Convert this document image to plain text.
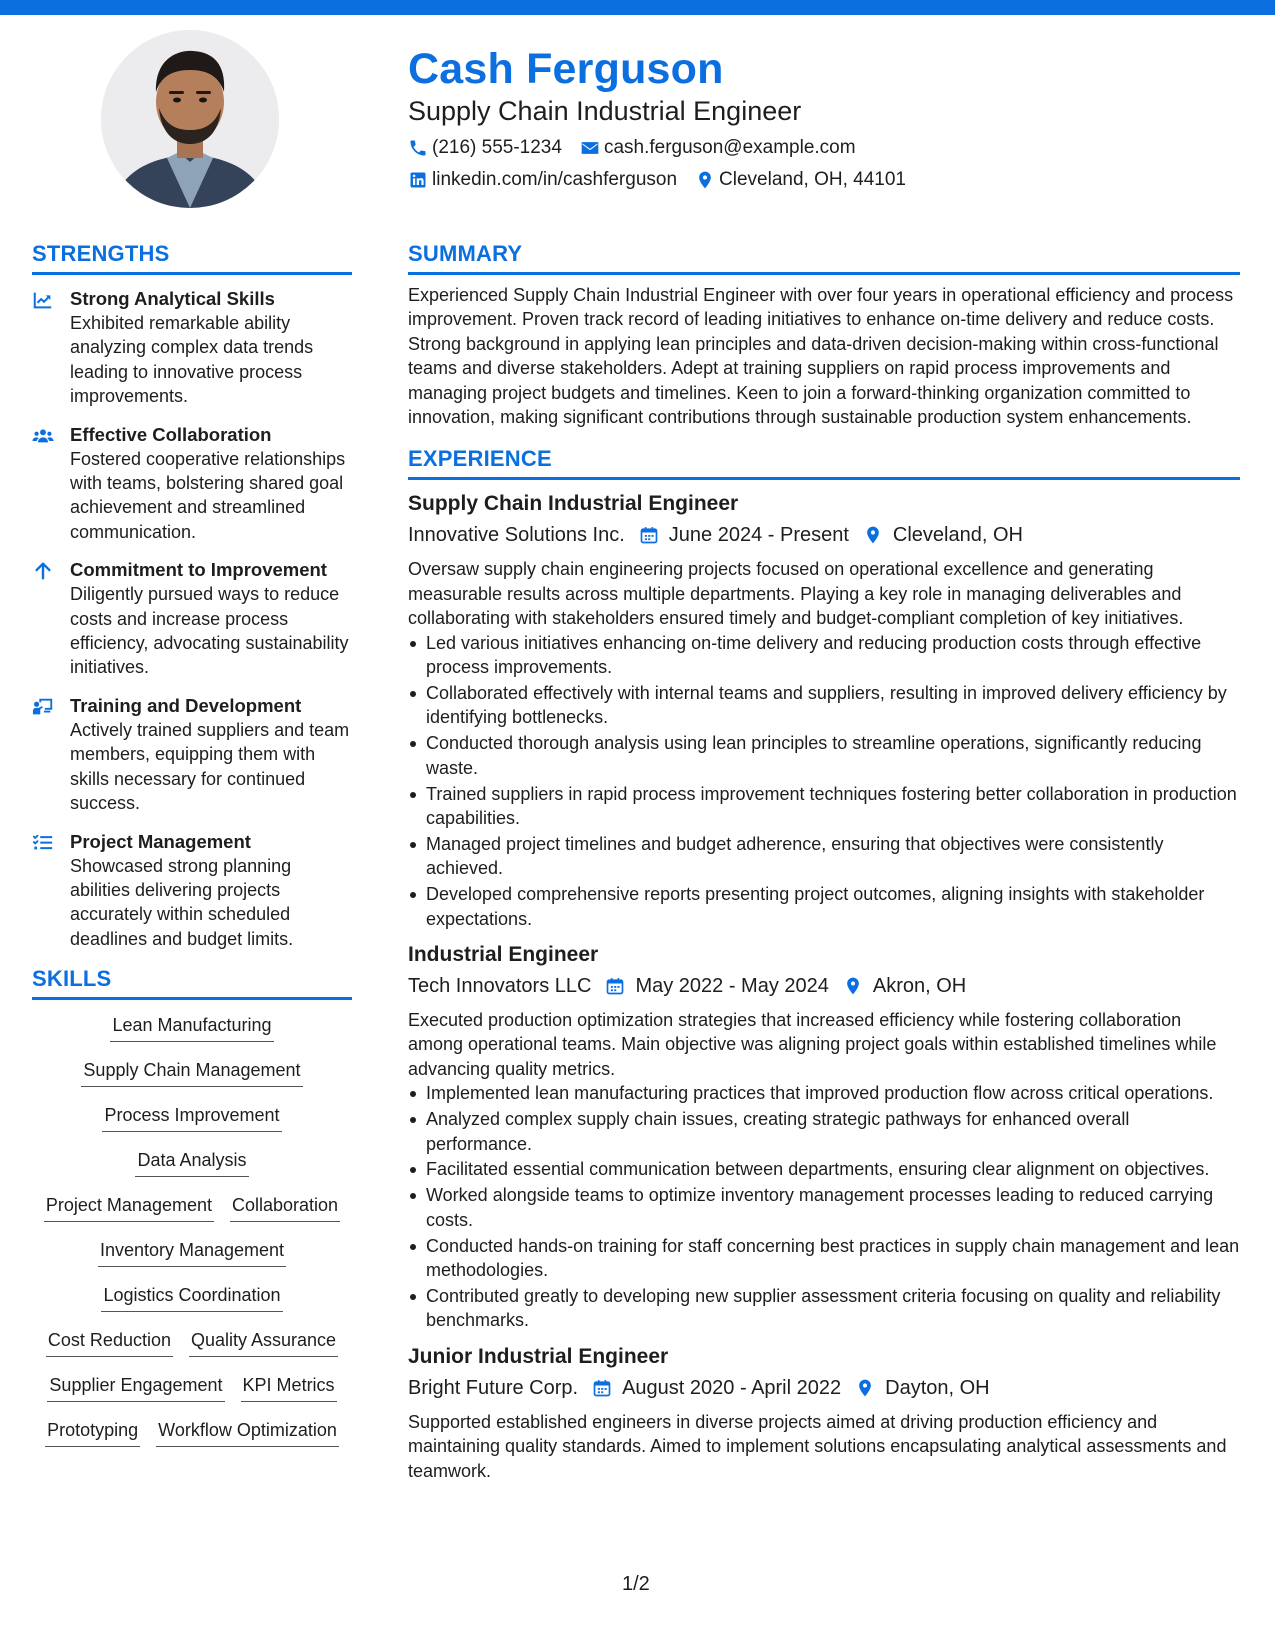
Cash Ferguson
Supply Chain Industrial Engineer
(216) 555-1234 cash.ferguson@example.com
linkedin.com/in/cashferguson Cleveland, OH, 44101
STRENGTHS
Strong Analytical Skills
Exhibited remarkable ability analyzing complex data trends leading to innovative process improvements.
Effective Collaboration
Fostered cooperative relationships with teams, bolstering shared goal achievement and streamlined communication.
Commitment to Improvement
Diligently pursued ways to reduce costs and increase process efficiency, advocating sustainability initiatives.
Training and Development
Actively trained suppliers and team members, equipping them with skills necessary for continued success.
Project Management
Showcased strong planning abilities delivering projects accurately within scheduled deadlines and budget limits.
SKILLS
Lean Manufacturing
Supply Chain Management
Process Improvement
Data Analysis
Project Management Collaboration
Inventory Management
Logistics Coordination
Cost Reduction Quality Assurance
Supplier Engagement KPI Metrics
Prototyping Workflow Optimization
SUMMARY
Experienced Supply Chain Industrial Engineer with over four years in operational efficiency and process improvement. Proven track record of leading initiatives to enhance on-time delivery and reduce costs. Strong background in applying lean principles and data-driven decision-making within cross-functional teams and diverse stakeholders. Adept at training suppliers on rapid process improvements and managing project budgets and timelines. Keen to join a forward-thinking organization committed to innovation, making significant contributions through sustainable production system enhancements.
EXPERIENCE
Supply Chain Industrial Engineer
Innovative Solutions Inc. June 2024 - Present Cleveland, OH
Oversaw supply chain engineering projects focused on operational excellence and generating measurable results across multiple departments. Playing a key role in managing deliverables and collaborating with stakeholders ensured timely and budget-compliant completion of key initiatives.
Led various initiatives enhancing on-time delivery and reducing production costs through effective process improvements.
Collaborated effectively with internal teams and suppliers, resulting in improved delivery efficiency by identifying bottlenecks.
Conducted thorough analysis using lean principles to streamline operations, significantly reducing waste.
Trained suppliers in rapid process improvement techniques fostering better collaboration in production capabilities.
Managed project timelines and budget adherence, ensuring that objectives were consistently achieved.
Developed comprehensive reports presenting project outcomes, aligning insights with stakeholder expectations.
Industrial Engineer
Tech Innovators LLC May 2022 - May 2024 Akron, OH
Executed production optimization strategies that increased efficiency while fostering collaboration among operational teams. Main objective was aligning project goals within established timelines while advancing quality metrics.
Implemented lean manufacturing practices that improved production flow across critical operations.
Analyzed complex supply chain issues, creating strategic pathways for enhanced overall performance.
Facilitated essential communication between departments, ensuring clear alignment on objectives.
Worked alongside teams to optimize inventory management processes leading to reduced carrying costs.
Conducted hands-on training for staff concerning best practices in supply chain management and lean methodologies.
Contributed greatly to developing new supplier assessment criteria focusing on quality and reliability benchmarks.
Junior Industrial Engineer
Bright Future Corp. August 2020 - April 2022 Dayton, OH
Supported established engineers in diverse projects aimed at driving production efficiency and maintaining quality standards. Aimed to implement solutions encapsulating analytical assessments and teamwork.
1/2
